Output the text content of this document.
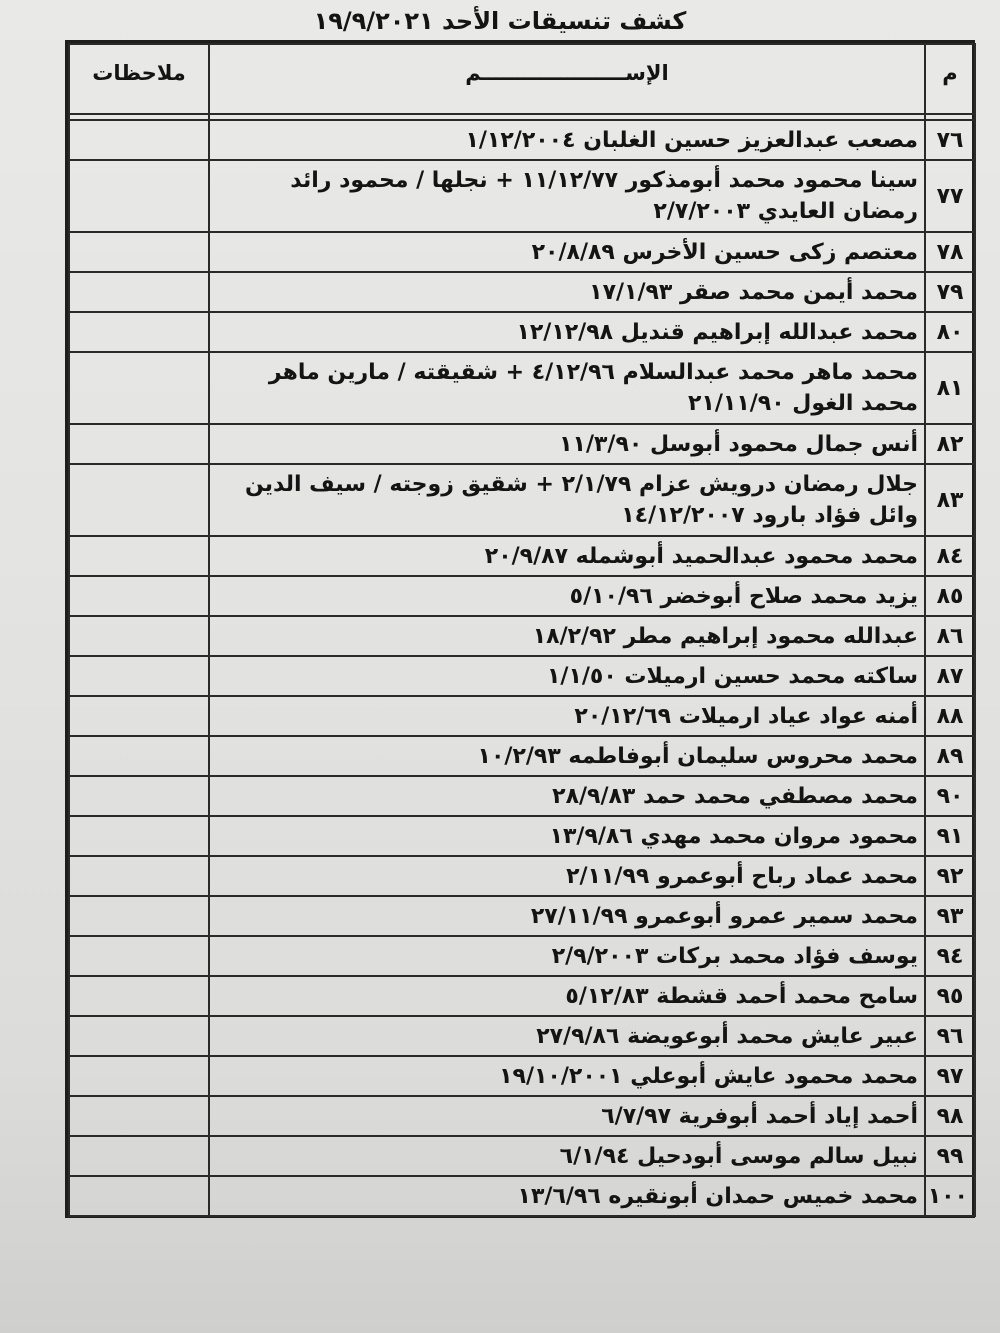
كشف تنسيقات الأحد ١٩/٩/٢٠٢١
م	الإســــــــــــــــــــم	ملاحظات

٧٦	مصعب عبدالعزيز حسين الغلبان ١/١٢/٢٠٠٤	
٧٧	سينا محمود محمد أبومذكور ١١/١٢/٧٧ + نجلها / محمود رائد رمضان العايدي ٢/٧/٢٠٠٣	
٧٨	معتصم زكى حسين الأخرس ٢٠/٨/٨٩	
٧٩	محمد أيمن محمد صقر ١٧/١/٩٣	
٨٠	محمد عبدالله إبراهيم قنديل ١٢/١٢/٩٨	
٨١	محمد ماهر محمد عبدالسلام ٤/١٢/٩٦ + شقيقته / مارين ماهر محمد الغول ٢١/١١/٩٠	
٨٢	أنس جمال محمود أبوسل ١١/٣/٩٠	
٨٣	جلال رمضان درويش عزام ٢/١/٧٩ + شقيق زوجته / سيف الدين وائل فؤاد بارود ١٤/١٢/٢٠٠٧	
٨٤	محمد محمود عبدالحميد أبوشمله ٢٠/٩/٨٧	
٨٥	يزيد محمد صلاح أبوخضر ٥/١٠/٩٦	
٨٦	عبدالله محمود إبراهيم مطر ١٨/٢/٩٢	
٨٧	ساكته محمد حسين ارميلات ١/١/٥٠	
٨٨	أمنه عواد عياد ارميلات ٢٠/١٢/٦٩	
٨٩	محمد محروس سليمان أبوفاطمه ١٠/٢/٩٣	
٩٠	محمد مصطفي محمد حمد ٢٨/٩/٨٣	
٩١	محمود مروان محمد مهدي ١٣/٩/٨٦	
٩٢	محمد عماد رباح أبوعمرو ٢/١١/٩٩	
٩٣	محمد سمير عمرو أبوعمرو ٢٧/١١/٩٩	
٩٤	يوسف فؤاد محمد بركات ٢/٩/٢٠٠٣	
٩٥	سامح محمد أحمد قشطة ٥/١٢/٨٣	
٩٦	عبير عايش محمد أبوعويضة ٢٧/٩/٨٦	
٩٧	محمد محمود عايش أبوعلي ١٩/١٠/٢٠٠١	
٩٨	أحمد إياد أحمد أبوفرية ٦/٧/٩٧	
٩٩	نبيل سالم موسى أبودحيل ٦/١/٩٤	
١٠٠	محمد خميس حمدان أبونقيره ١٣/٦/٩٦	
